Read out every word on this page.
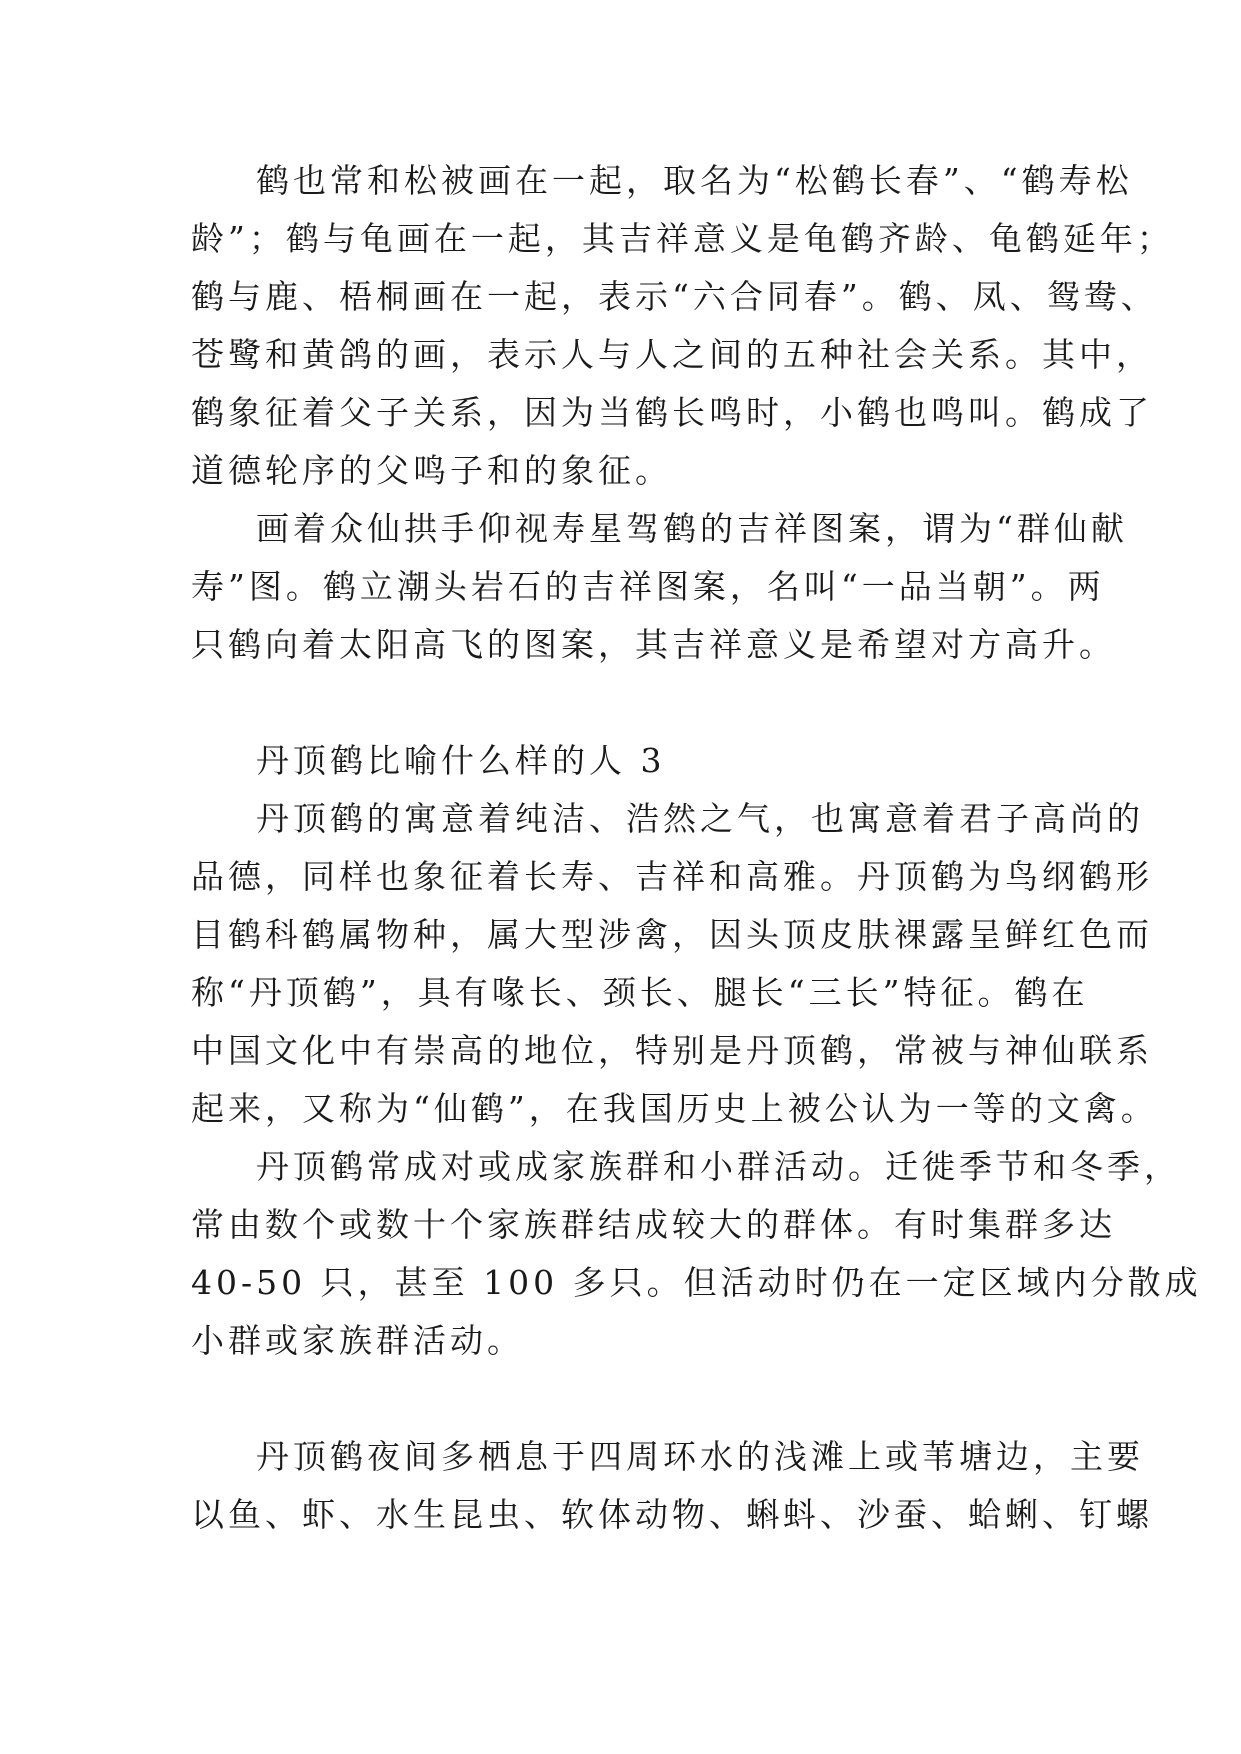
鹤也常和松被画在一起，取名为“松鹤长春”、“鹤寿松
龄”；鹤与龟画在一起，其吉祥意义是龟鹤齐龄、龟鹤延年；
鹤与鹿、梧桐画在一起，表示“六合同春”。鹤、凤、鸳鸯、
苍鹭和黄鸽的画，表示人与人之间的五种社会关系。其中，
鹤象征着父子关系，因为当鹤长鸣时，小鹤也鸣叫。鹤成了
道德轮序的父鸣子和的象征。
画着众仙拱手仰视寿星驾鹤的吉祥图案，谓为“群仙献
寿”图。鹤立潮头岩石的吉祥图案，名叫“一品当朝”。两
只鹤向着太阳高飞的图案，其吉祥意义是希望对方高升。
丹顶鹤比喻什么样的人 3
丹顶鹤的寓意着纯洁、浩然之气，也寓意着君子高尚的
品德，同样也象征着长寿、吉祥和高雅。丹顶鹤为鸟纲鹤形
目鹤科鹤属物种，属大型涉禽，因头顶皮肤裸露呈鲜红色而
称“丹顶鹤”，具有喙长、颈长、腿长“三长”特征。鹤在
中国文化中有崇高的地位，特别是丹顶鹤，常被与神仙联系
起来，又称为“仙鹤”，在我国历史上被公认为一等的文禽。
丹顶鹤常成对或成家族群和小群活动。迁徙季节和冬季，
常由数个或数十个家族群结成较大的群体。有时集群多达
40-50 只，甚至 100 多只。但活动时仍在一定区域内分散成
小群或家族群活动。
丹顶鹤夜间多栖息于四周环水的浅滩上或苇塘边，主要
以鱼、虾、水生昆虫、软体动物、蝌蚪、沙蚕、蛤蜊、钉螺
